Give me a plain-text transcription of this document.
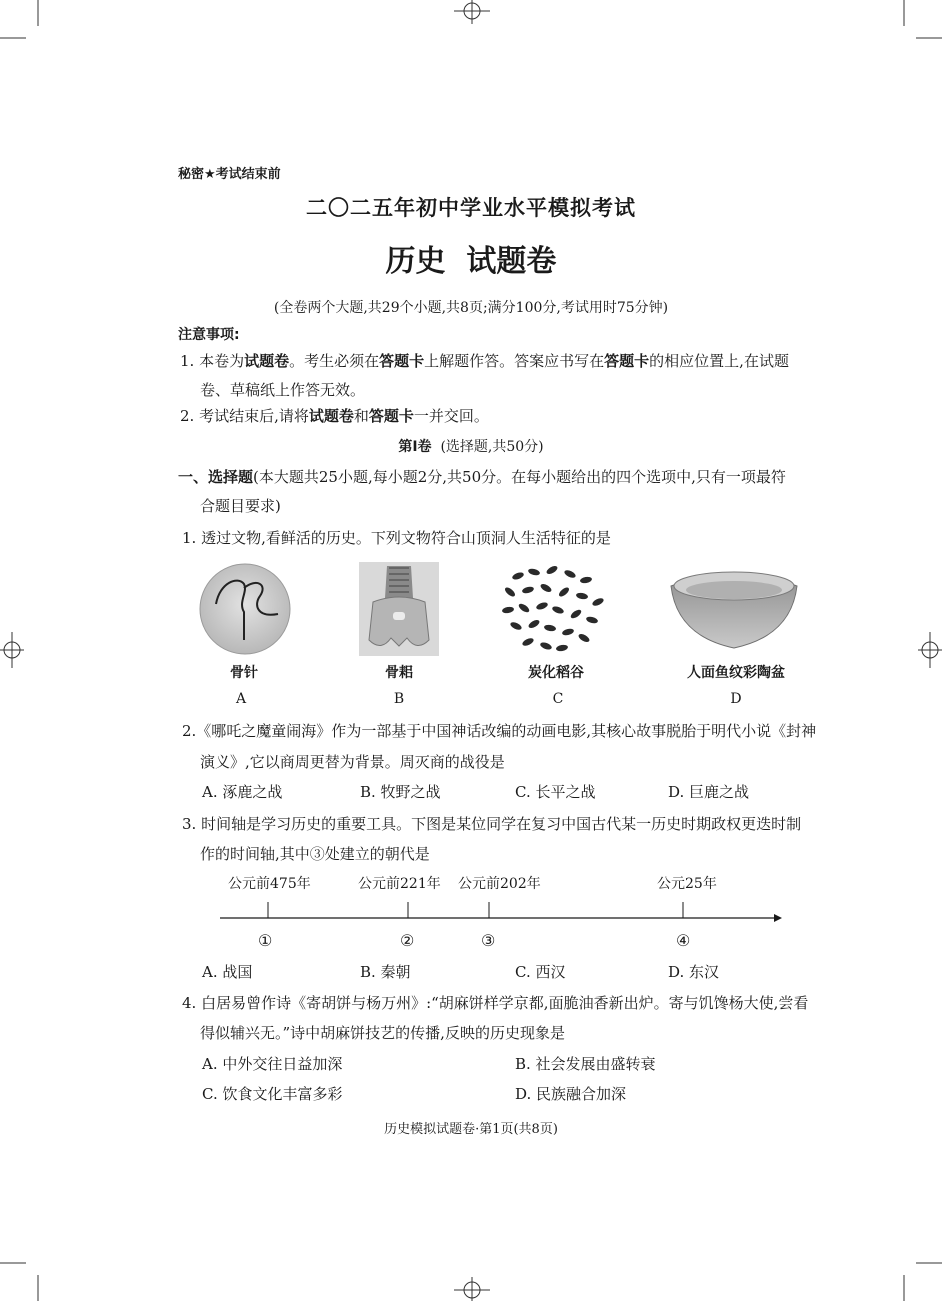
秘密★考试结束前
二〇二五年初中学业水平模拟考试
历史  试题卷
(全卷两个大题,共29个小题,共8页;满分100分,考试用时75分钟)
注意事项:
1. 本卷为试题卷。考生必须在答题卡上解题作答。答案应书写在答题卡的相应位置上,在试题
卷、草稿纸上作答无效。
2. 考试结束后,请将试题卷和答题卡一并交回。
第Ⅰ卷 (选择题,共50分)
一、选择题(本大题共25小题,每小题2分,共50分。在每小题给出的四个选项中,只有一项最符
合题目要求)
1. 透过文物,看鲜活的历史。下列文物符合山顶洞人生活特征的是
骨针	骨耜	炭化稻谷	人面鱼纹彩陶盆
A	B	C	D
2.《哪吒之魔童闹海》作为一部基于中国神话改编的动画电影,其核心故事脱胎于明代小说《封神
演义》,它以商周更替为背景。周灭商的战役是
A. 涿鹿之战	B. 牧野之战	C. 长平之战	D. 巨鹿之战
3. 时间轴是学习历史的重要工具。下图是某位同学在复习中国古代某一历史时期政权更迭时制
作的时间轴,其中③处建立的朝代是
公元前475年	公元前221年 公元前202年	公元25年
①	②	③	④
A. 战国	B. 秦朝	C. 西汉	D. 东汉
4. 白居易曾作诗《寄胡饼与杨万州》:“胡麻饼样学京都,面脆油香新出炉。寄与饥馋杨大使,尝看
得似辅兴无。”诗中胡麻饼技艺的传播,反映的历史现象是
A. 中外交往日益加深	B. 社会发展由盛转衰
C. 饮食文化丰富多彩	D. 民族融合加深
历史模拟试题卷·第1页(共8页)
